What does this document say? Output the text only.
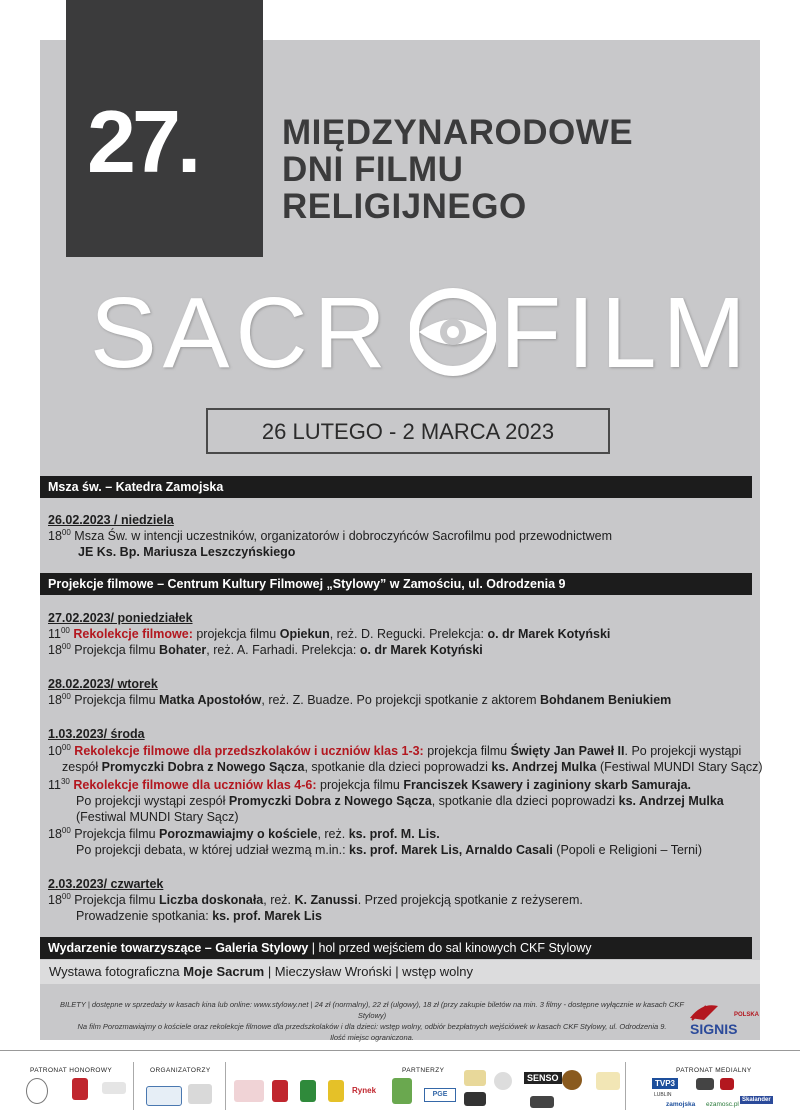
27.	MIĘDZYNARODOWE
DNI FILMU
RELIGIJNEGO
SACR FILM
26 LUTEGO - 2 MARCA 2023
Msza św. – Katedra Zamojska
26.02.2023 / niedziela
$18^{00}$ Msza Św. w intencji uczestników, organizatorów i dobroczyńców Sacrofilmu pod przewodnictwem
JE Ks. Bp. Mariusza Leszczyńskiego
Projekcje filmowe – Centrum Kultury Filmowej „Stylowy” w Zamościu, ul. Odrodzenia 9
27.02.2023/ poniedziałek
$11^{00}$ Rekolekcje filmowe: projekcja filmu Opiekun, reż. D. Regucki. Prelekcja: o. dr Marek Kotyński
$18^{00}$ Projekcja filmu Bohater, reż. A. Farhadi. Prelekcja: o. dr Marek Kotyński
28.02.2023/ wtorek
$18^{00}$ Projekcja filmu Matka Apostołów, reż. Z. Buadze. Po projekcji spotkanie z aktorem Bohdanem Beniukiem
1.03.2023/ środa
$10^{00}$ Rekolekcje filmowe dla przedszkolaków i uczniów klas 1-3: projekcja filmu Święty Jan Paweł II. Po projekcji wystąpi
zespół Promyczki Dobra z Nowego Sącza, spotkanie dla dzieci poprowadzi ks. Andrzej Mulka (Festiwal MUNDI Stary Sącz)
$11^{30}$ Rekolekcje filmowe dla uczniów klas 4-6: projekcja filmu Franciszek Ksawery i zaginiony skarb Samuraja.
Po projekcji wystąpi zespół Promyczki Dobra z Nowego Sącza, spotkanie dla dzieci poprowadzi ks. Andrzej Mulka
(Festiwal MUNDI Stary Sącz)
$18^{00}$ Projekcja filmu Porozmawiajmy o kościele, reż. ks. prof. M. Lis.
Po projekcji debata, w której udział wezmą m.in.: ks. prof. Marek Lis, Arnaldo Casali (Popoli e Religioni – Terni)
2.03.2023/ czwartek
$18^{00}$ Projekcja filmu Liczba doskonała, reż. K. Zanussi. Przed projekcją spotkanie z reżyserem.
Prowadzenie spotkania: ks. prof. Marek Lis
Wydarzenie towarzyszące – Galeria Stylowy | hol przed wejściem do sal kinowych CKF Stylowy
Wystawa fotograficzna Moje Sacrum | Mieczysław Wroński | wstęp wolny
BILETY | dostępne w sprzedaży w kasach kina lub online: www.stylowy.net | 24 zł (normalny), 22 zł (ulgowy), 18 zł (przy zakupie biletów na min. 3 filmy - dostępne wyłącznie w kasach CKF Stylowy)
Na film Porozmawiajmy o kościele oraz rekolekcje filmowe dla przedszkolaków i dla dzieci: wstęp wolny, odbiór bezpłatnych wejściówek w kasach CKF Stylowy, ul. Odrodzenia 9.
Ilość miejsc ograniczona.
POLSKA
SIGNIS
PATRONAT HONOROWY	ORGANIZATORZY	PARTNERZY	PATRONAT MEDIALNY
Rynek	PGE
SENSO
TVP3
LUBLIN
zamojska ezamosc.pl
Skalander
